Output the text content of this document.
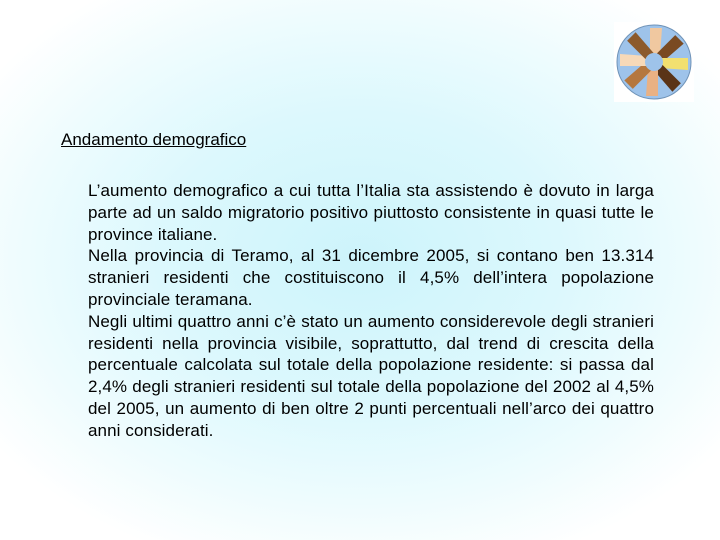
Andamento demografico

L’aumento demografico a cui tutta l’Italia sta assistendo è dovuto in larga parte ad un saldo migratorio positivo piuttosto consistente in quasi tutte le province italiane.

Nella provincia di Teramo, al 31 dicembre 2005, si contano ben 13.314 stranieri residenti che costituiscono il 4,5% dell’intera popolazione provinciale teramana.

Negli ultimi quattro anni c’è stato un aumento considerevole degli stranieri residenti nella provincia visibile, soprattutto, dal trend di crescita della percentuale calcolata sul totale della popolazione residente: si passa dal 2,4% degli stranieri residenti sul totale della popolazione del 2002 al 4,5% del 2005, un aumento di ben oltre 2 punti percentuali nell’arco dei quattro anni considerati.
